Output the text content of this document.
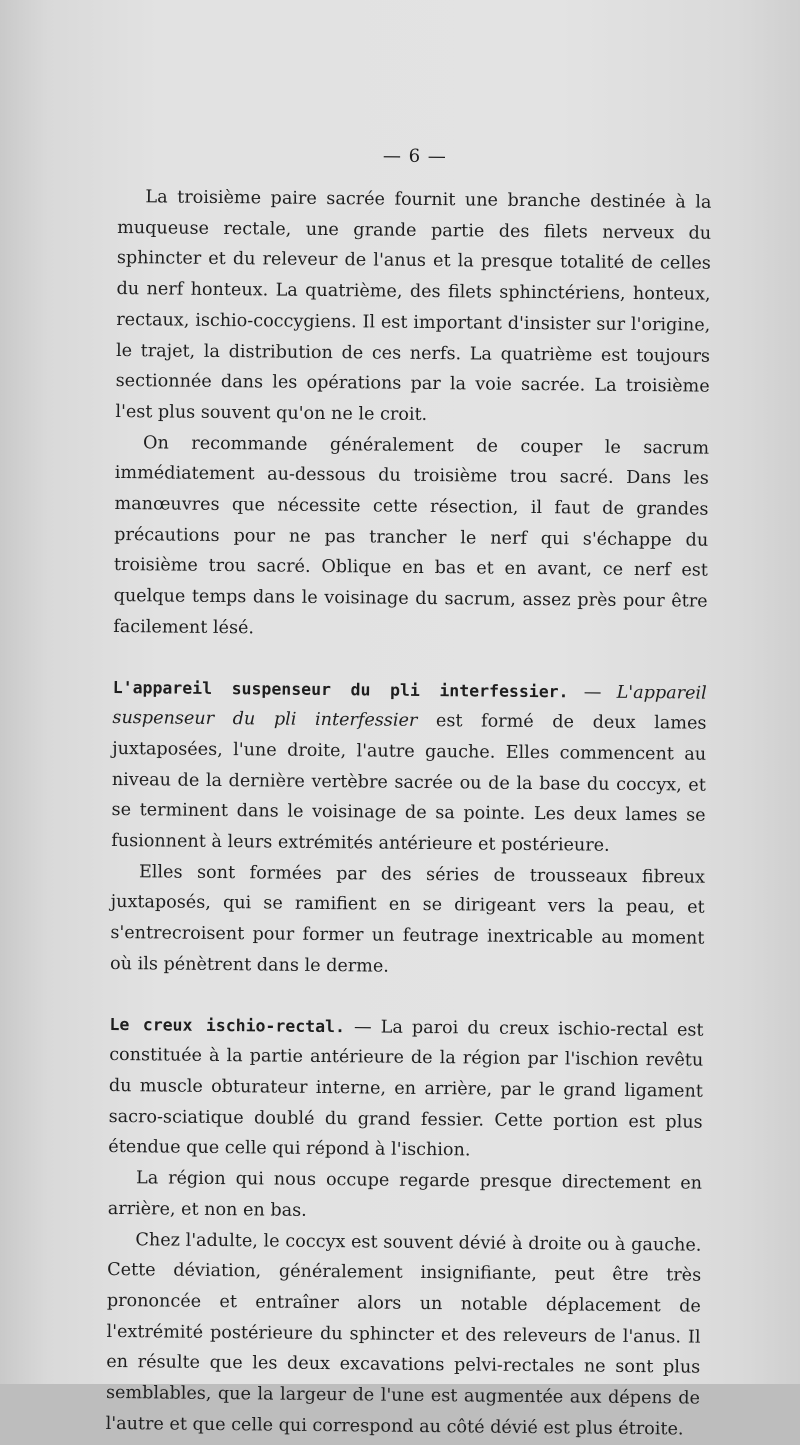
— 6 —

La troisième paire sacrée fournit une branche destinée à la muqueuse rectale, une grande partie des filets nerveux du sphincter et du releveur de l'anus et la presque totalité de celles du nerf honteux. La quatrième, des filets sphinctériens, honteux, rectaux, ischio-coccygiens. Il est important d'insister sur l'origine, le trajet, la distribution de ces nerfs. La quatrième est toujours sectionnée dans les opérations par la voie sacrée. La troisième l'est plus souvent qu'on ne le croit.

On recommande généralement de couper le sacrum immédiatement au-dessous du troisième trou sacré. Dans les manœuvres que nécessite cette résection, il faut de grandes précautions pour ne pas trancher le nerf qui s'échappe du troisième trou sacré. Oblique en bas et en avant, ce nerf est quelque temps dans le voisinage du sacrum, assez près pour être facilement lésé.

L'appareil suspenseur du pli interfessier. — L'appareil suspenseur du pli interfessier est formé de deux lames juxtaposées, l'une droite, l'autre gauche. Elles commencent au niveau de la dernière vertèbre sacrée ou de la base du coccyx, et se terminent dans le voisinage de sa pointe. Les deux lames se fusionnent à leurs extrémités antérieure et postérieure.

Elles sont formées par des séries de trousseaux fibreux juxtaposés, qui se ramifient en se dirigeant vers la peau, et s'entrecroisent pour former un feutrage inextricable au moment où ils pénètrent dans le derme.

Le creux ischio-rectal. — La paroi du creux ischio-rectal est constituée à la partie antérieure de la région par l'ischion revêtu du muscle obturateur interne, en arrière, par le grand ligament sacro-sciatique doublé du grand fessier. Cette portion est plus étendue que celle qui répond à l'ischion.

La région qui nous occupe regarde presque directement en arrière, et non en bas.

Chez l'adulte, le coccyx est souvent dévié à droite ou à gauche. Cette déviation, généralement insignifiante, peut être très prononcée et entraîner alors un notable déplacement de l'extrémité postérieure du sphincter et des releveurs de l'anus. Il en résulte que les deux excavations pelvi-rectales ne sont plus semblables, que la largeur de l'une est augmentée aux dépens de l'autre et que celle qui correspond au côté dévié est plus étroite.
